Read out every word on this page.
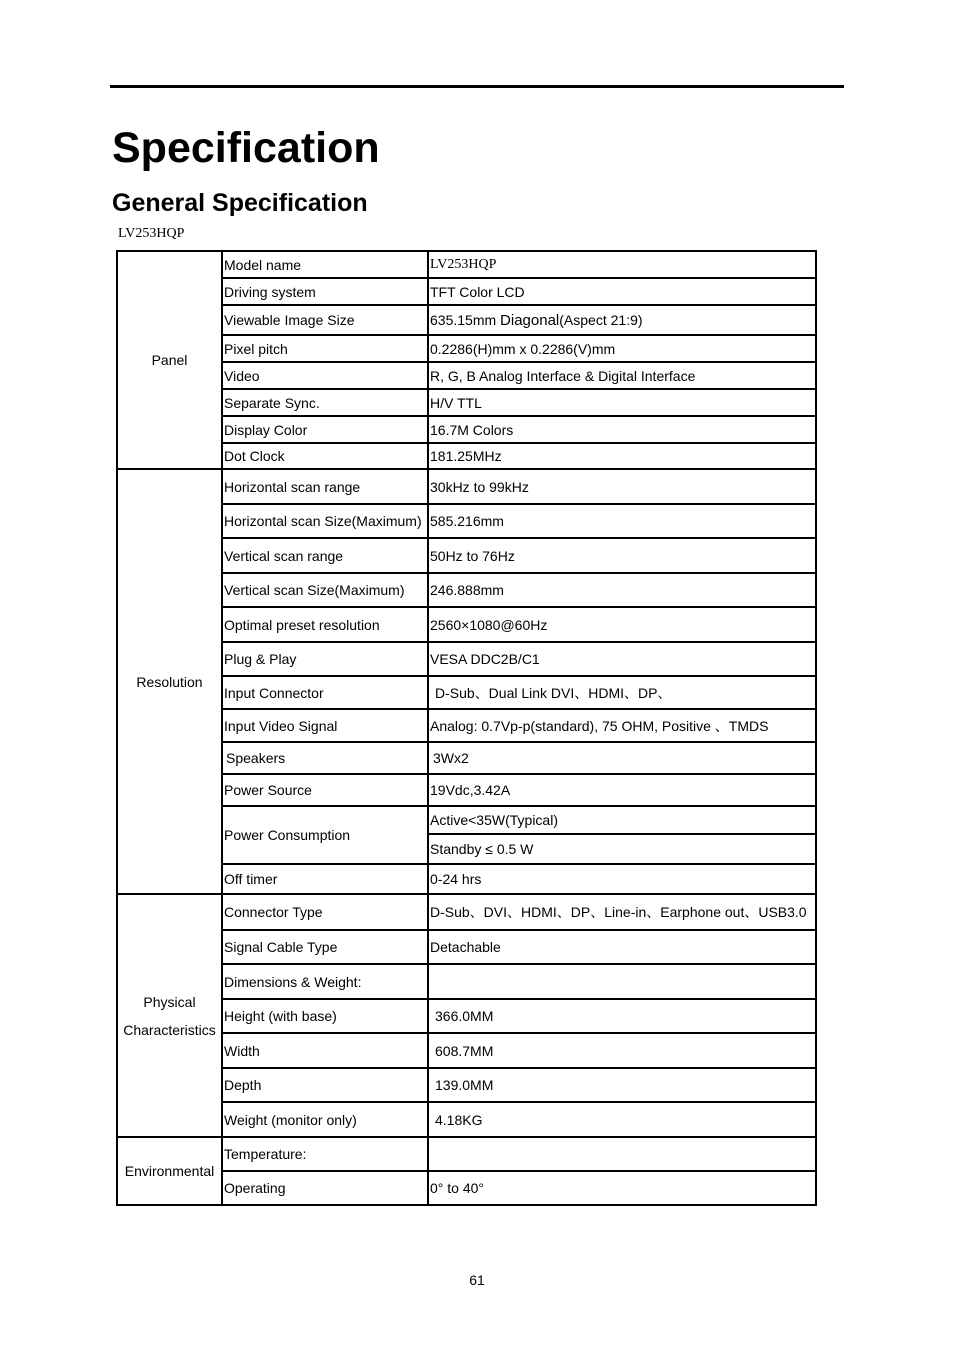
Specification
General Specification
LV253HQP
Panel	Model name	LV253HQP
	Driving system	TFT Color LCD
	Viewable Image Size	635.15mm Diagonal(Aspect 21:9)
	Pixel pitch	0.2286(H)mm x 0.2286(V)mm
	Video	R, G, B Analog Interface & Digital Interface
	Separate Sync.	H/V TTL
	Display Color	16.7M Colors
	Dot Clock	181.25MHz
Resolution	Horizontal scan range	30kHz to 99kHz
	Horizontal scan Size(Maximum)	585.216mm
	Vertical scan range	50Hz to 76Hz
	Vertical scan Size(Maximum)	246.888mm
	Optimal preset resolution	2560×1080@60Hz
	Plug & Play	VESA DDC2B/C1
	Input Connector	D-Sub、Dual Link DVI、HDMI、DP、
	Input Video Signal	Analog: 0.7Vp-p(standard), 75 OHM, Positive 、TMDS
	Speakers	3Wx2
	Power Source	19Vdc,3.42A
	Power Consumption	Active<35W(Typical)
		Standby ≤ 0.5 W
	Off timer	0-24 hrs
Physical Characteristics	Connector Type	D-Sub、DVI、HDMI、DP、Line-in、Earphone out、USB3.0
	Signal Cable Type	Detachable
	Dimensions & Weight:	
	Height (with base)	366.0MM
	Width	608.7MM
	Depth	139.0MM
	Weight (monitor only)	4.18KG
Environmental	Temperature:	
	Operating	0° to 40°
61
